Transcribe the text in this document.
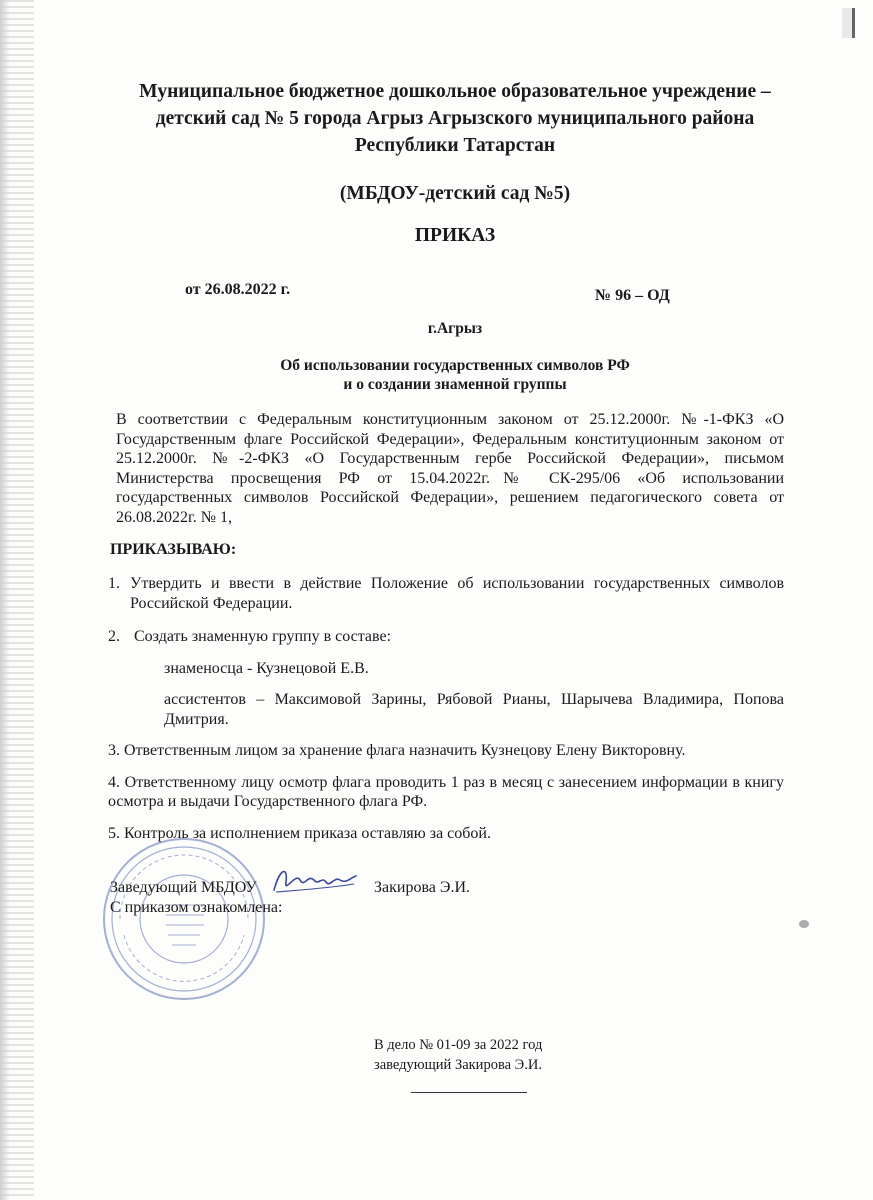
Муниципальное бюджетное дошкольное образовательное учреждение –
детский сад № 5 города Агрыз Агрызского муниципального района
Республики Татарстан
(МБДОУ-детский сад №5)
ПРИКАЗ
от 26.08.2022 г.	№ 96 – ОД
г.Агрыз
Об использовании государственных символов РФ
и о создании знаменной группы
В соответствии с Федеральным конституционным законом от 25.12.2000г. №-1-ФКЗ «О Государственным флаге Российской Федерации», Федеральным конституционным законом от 25.12.2000г. №-2-ФКЗ «О Государственным гербе Российской Федерации», письмом Министерства просвещения РФ от 15.04.2022г.№ СК-295/06 «Об использовании государственных символов Российской Федерации», решением педагогического совета от 26.08.2022г. № 1,
ПРИКАЗЫВАЮ:
1. Утвердить и ввести в действие Положение об использовании государственных символов Российской Федерации.
2. Создать знаменную группу в составе:
знаменосца - Кузнецовой Е.В.
ассистентов – Максимовой Зарины, Рябовой Рианы, Шарычева Владимира, Попова Дмитрия.
3. Ответственным лицом за хранение флага назначить Кузнецову Елену Викторовну.
4. Ответственному лицу осмотр флага проводить 1 раз в месяц с занесением информации в книгу осмотра и выдачи Государственного флага РФ.
5. Контроль за исполнением приказа оставляю за собой.
Заведующий МБДОУ	Закирова Э.И.
С приказом ознакомлена:
В дело № 01-09 за 2022 год
заведующий Закирова Э.И.
